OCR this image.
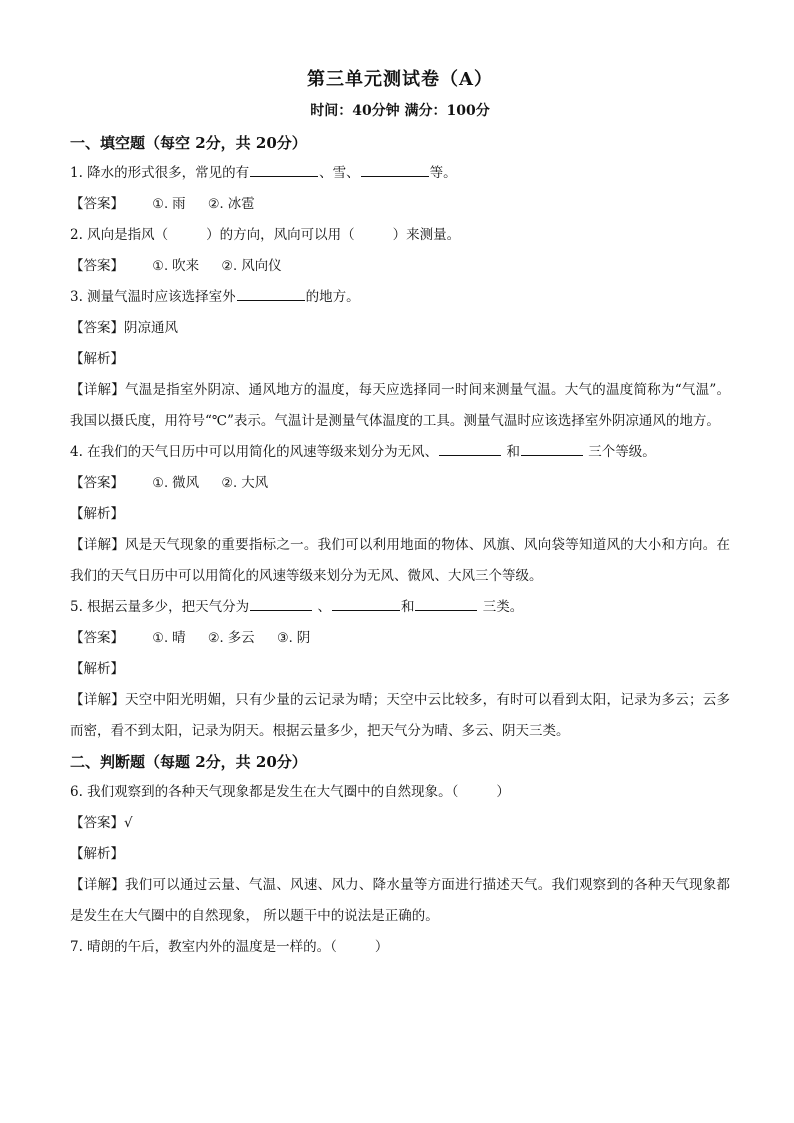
第三单元测试卷（A）
时间：40分钟 满分：100分
一、填空题（每空 2分，共 20分）
1. 降水的形式很多，常见的有	、雪、	等。
【答案】 ①. 雨 ②. 冰雹
2. 风向是指风（	）的方向，风向可以用（	）来测量。
【答案】 ①. 吹来 ②. 风向仪
3. 测量气温时应该选择室外	的地方。
【答案】阴凉通风
【解析】
【详解】气温是指室外阴凉、通风地方的温度，每天应选择同一时间来测量气温。大气的温度简称为“气温”。我国以摄氏度，用符号“℃”表示。气温计是测量气体温度的工具。测量气温时应该选择室外阴凉通风的地方。
4. 在我们的天气日历中可以用简化的风速等级来划分为无风、	和	三个等级。
【答案】 ①. 微风 ②. 大风
【解析】
【详解】风是天气现象的重要指标之一。我们可以利用地面的物体、风旗、风向袋等知道风的大小和方向。在我们的天气日历中可以用简化的风速等级来划分为无风、微风、大风三个等级。
5. 根据云量多少，把天气分为	、	和	三类。
【答案】 ①. 晴 ②. 多云 ③. 阴
【解析】
【详解】天空中阳光明媚，只有少量的云记录为晴；天空中云比较多，有时可以看到太阳，记录为多云；云多而密，看不到太阳，记录为阴天。根据云量多少，把天气分为晴、多云、阴天三类。
二、判断题（每题 2分，共 20分）
6. 我们观察到的各种天气现象都是发生在大气圈中的自然现象。（	）
【答案】√
【解析】
【详解】我们可以通过云量、气温、风速、风力、降水量等方面进行描述天气。我们观察到的各种天气现象都是发生在大气圈中的自然现象， 所以题干中的说法是正确的。
7. 晴朗的午后，教室内外的温度是一样的。（	）
